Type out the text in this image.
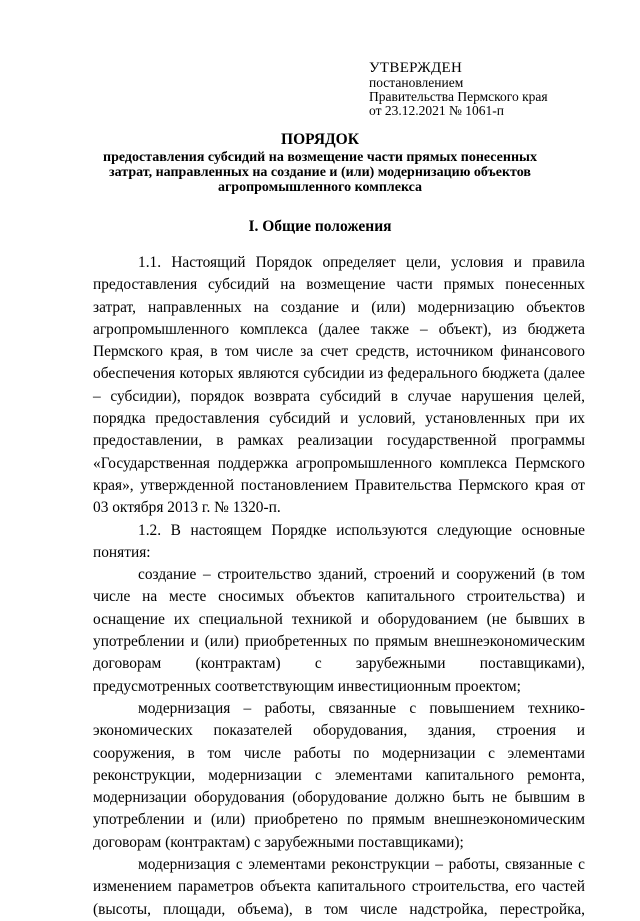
УТВЕРЖДЕН
постановлением
Правительства Пермского края
от 23.12.2021 № 1061-п
ПОРЯДОК
предоставления субсидий на возмещение части прямых понесенных затрат, направленных на создание и (или) модернизацию объектов агропромышленного комплекса
I. Общие положения

1.1. Настоящий Порядок определяет цели, условия и правила предоставления субсидий на возмещение части прямых понесенных затрат, направленных на создание и (или) модернизацию объектов агропромышленного комплекса (далее также – объект), из бюджета Пермского края, в том числе за счет средств, источником финансового обеспечения которых являются субсидии из федерального бюджета (далее – субсидии), порядок возврата субсидий в случае нарушения целей, порядка предоставления субсидий и условий, установленных при их предоставлении, в рамках реализации государственной программы «Государственная поддержка агропромышленного комплекса Пермского края», утвержденной постановлением Правительства Пермского края от 03 октября 2013 г. № 1320-п.

1.2. В настоящем Порядке используются следующие основные понятия:

создание – строительство зданий, строений и сооружений (в том числе на месте сносимых объектов капитального строительства) и оснащение их специальной техникой и оборудованием (не бывших в употреблении и (или) приобретенных по прямым внешнеэкономическим договорам (контрактам) с зарубежными поставщиками), предусмотренных соответствующим инвестиционным проектом;

модернизация – работы, связанные с повышением технико-экономических показателей оборудования, здания, строения и сооружения, в том числе работы по модернизации с элементами реконструкции, модернизации с элементами капитального ремонта, модернизации оборудования (оборудование должно быть не бывшим в употреблении и (или) приобретено по прямым внешнеэкономическим договорам (контрактам) с зарубежными поставщиками);

модернизация с элементами реконструкции – работы, связанные с изменением параметров объекта капитального строительства, его частей (высоты, площади, объема), в том числе надстройка, перестройка,
